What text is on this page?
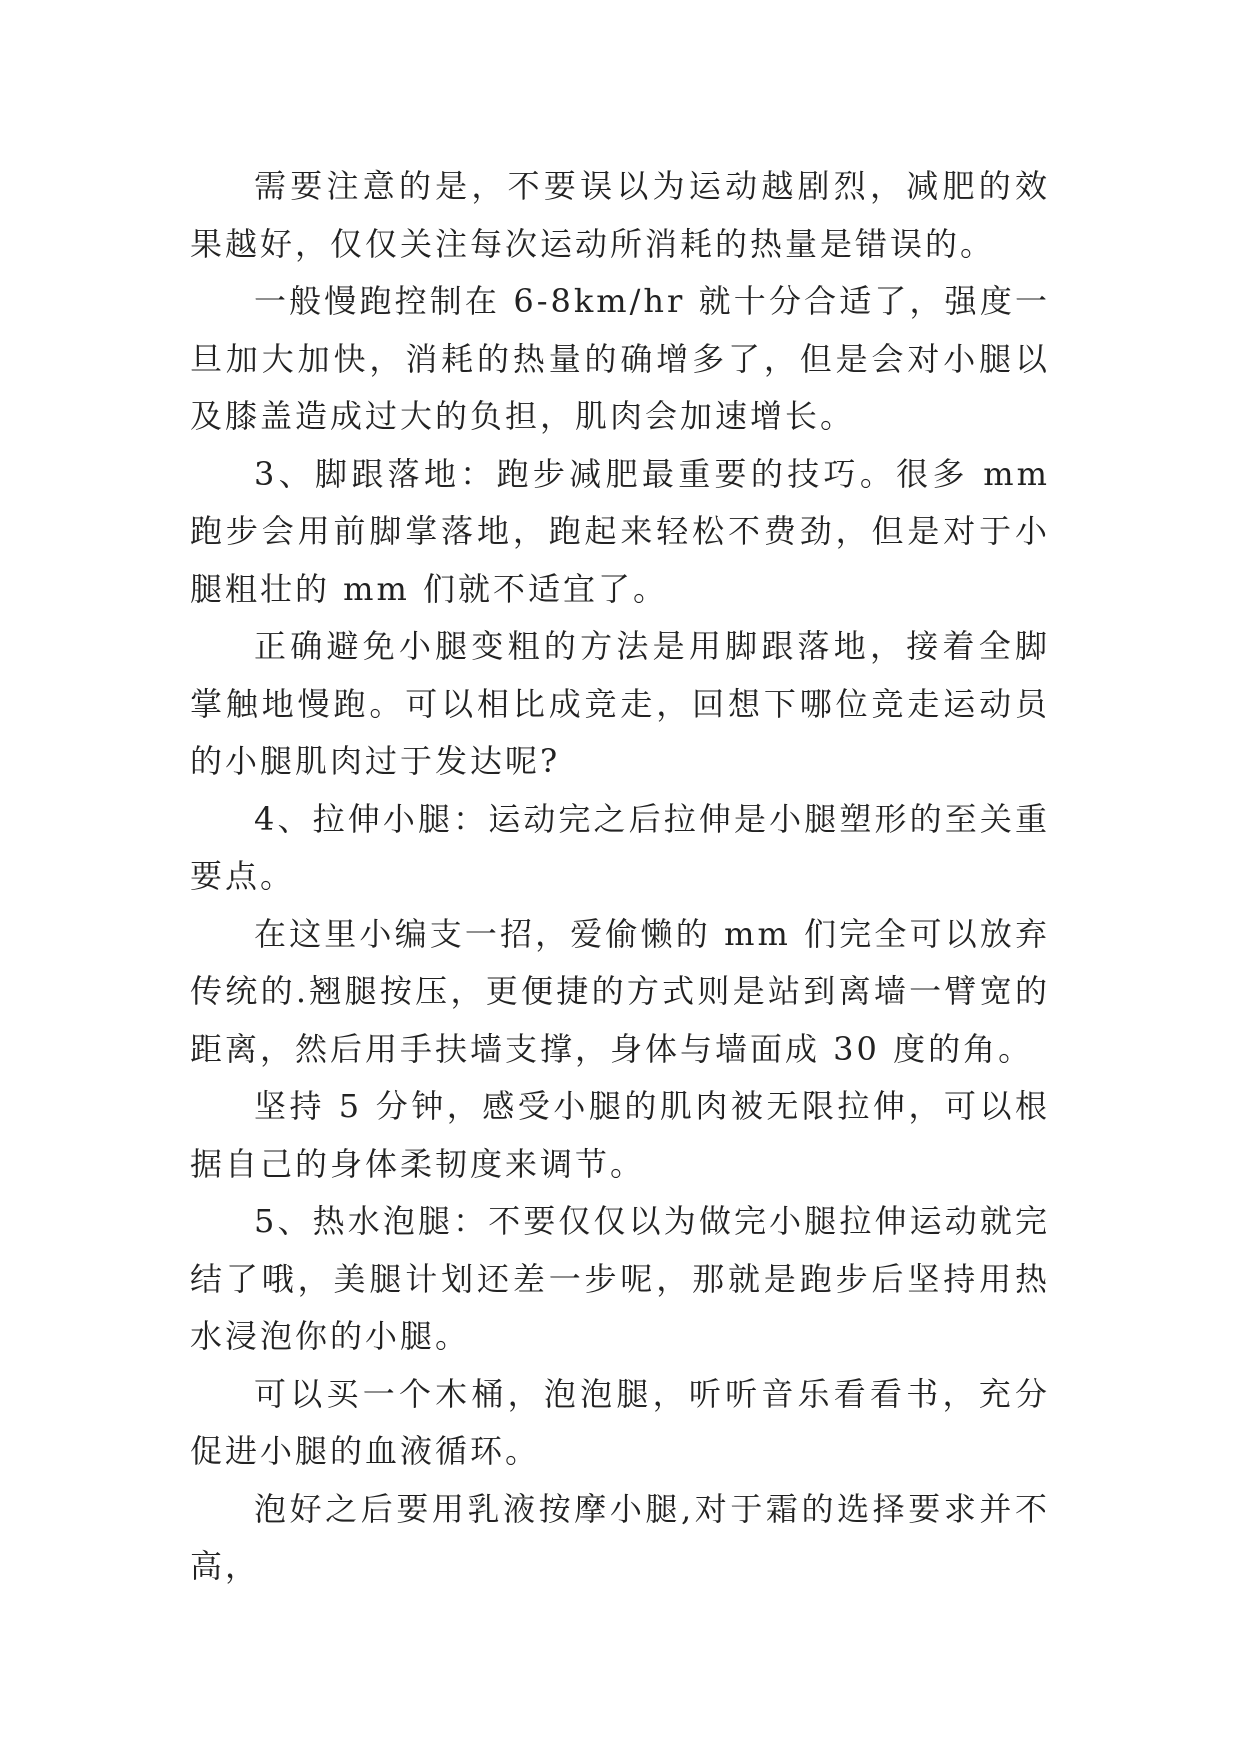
需要注意的是，不要误以为运动越剧烈，减肥的效果越好，仅仅关注每次运动所消耗的热量是错误的。

一般慢跑控制在 6-8km/hr 就十分合适了，强度一旦加大加快，消耗的热量的确增多了，但是会对小腿以及膝盖造成过大的负担，肌肉会加速增长。

3、脚跟落地：跑步减肥最重要的技巧。很多 mm 跑步会用前脚掌落地，跑起来轻松不费劲，但是对于小腿粗壮的 mm 们就不适宜了。

正确避免小腿变粗的方法是用脚跟落地，接着全脚掌触地慢跑。可以相比成竞走，回想下哪位竞走运动员的小腿肌肉过于发达呢?

4、拉伸小腿：运动完之后拉伸是小腿塑形的至关重要点。

在这里小编支一招，爱偷懒的 mm 们完全可以放弃传统的.翘腿按压，更便捷的方式则是站到离墙一臂宽的距离，然后用手扶墙支撑，身体与墙面成 30 度的角。

坚持 5 分钟，感受小腿的肌肉被无限拉伸，可以根据自己的身体柔韧度来调节。

5、热水泡腿：不要仅仅以为做完小腿拉伸运动就完结了哦，美腿计划还差一步呢，那就是跑步后坚持用热水浸泡你的小腿。

可以买一个木桶，泡泡腿，听听音乐看看书，充分促进小腿的血液循环。

泡好之后要用乳液按摩小腿,对于霜的选择要求并不高，
